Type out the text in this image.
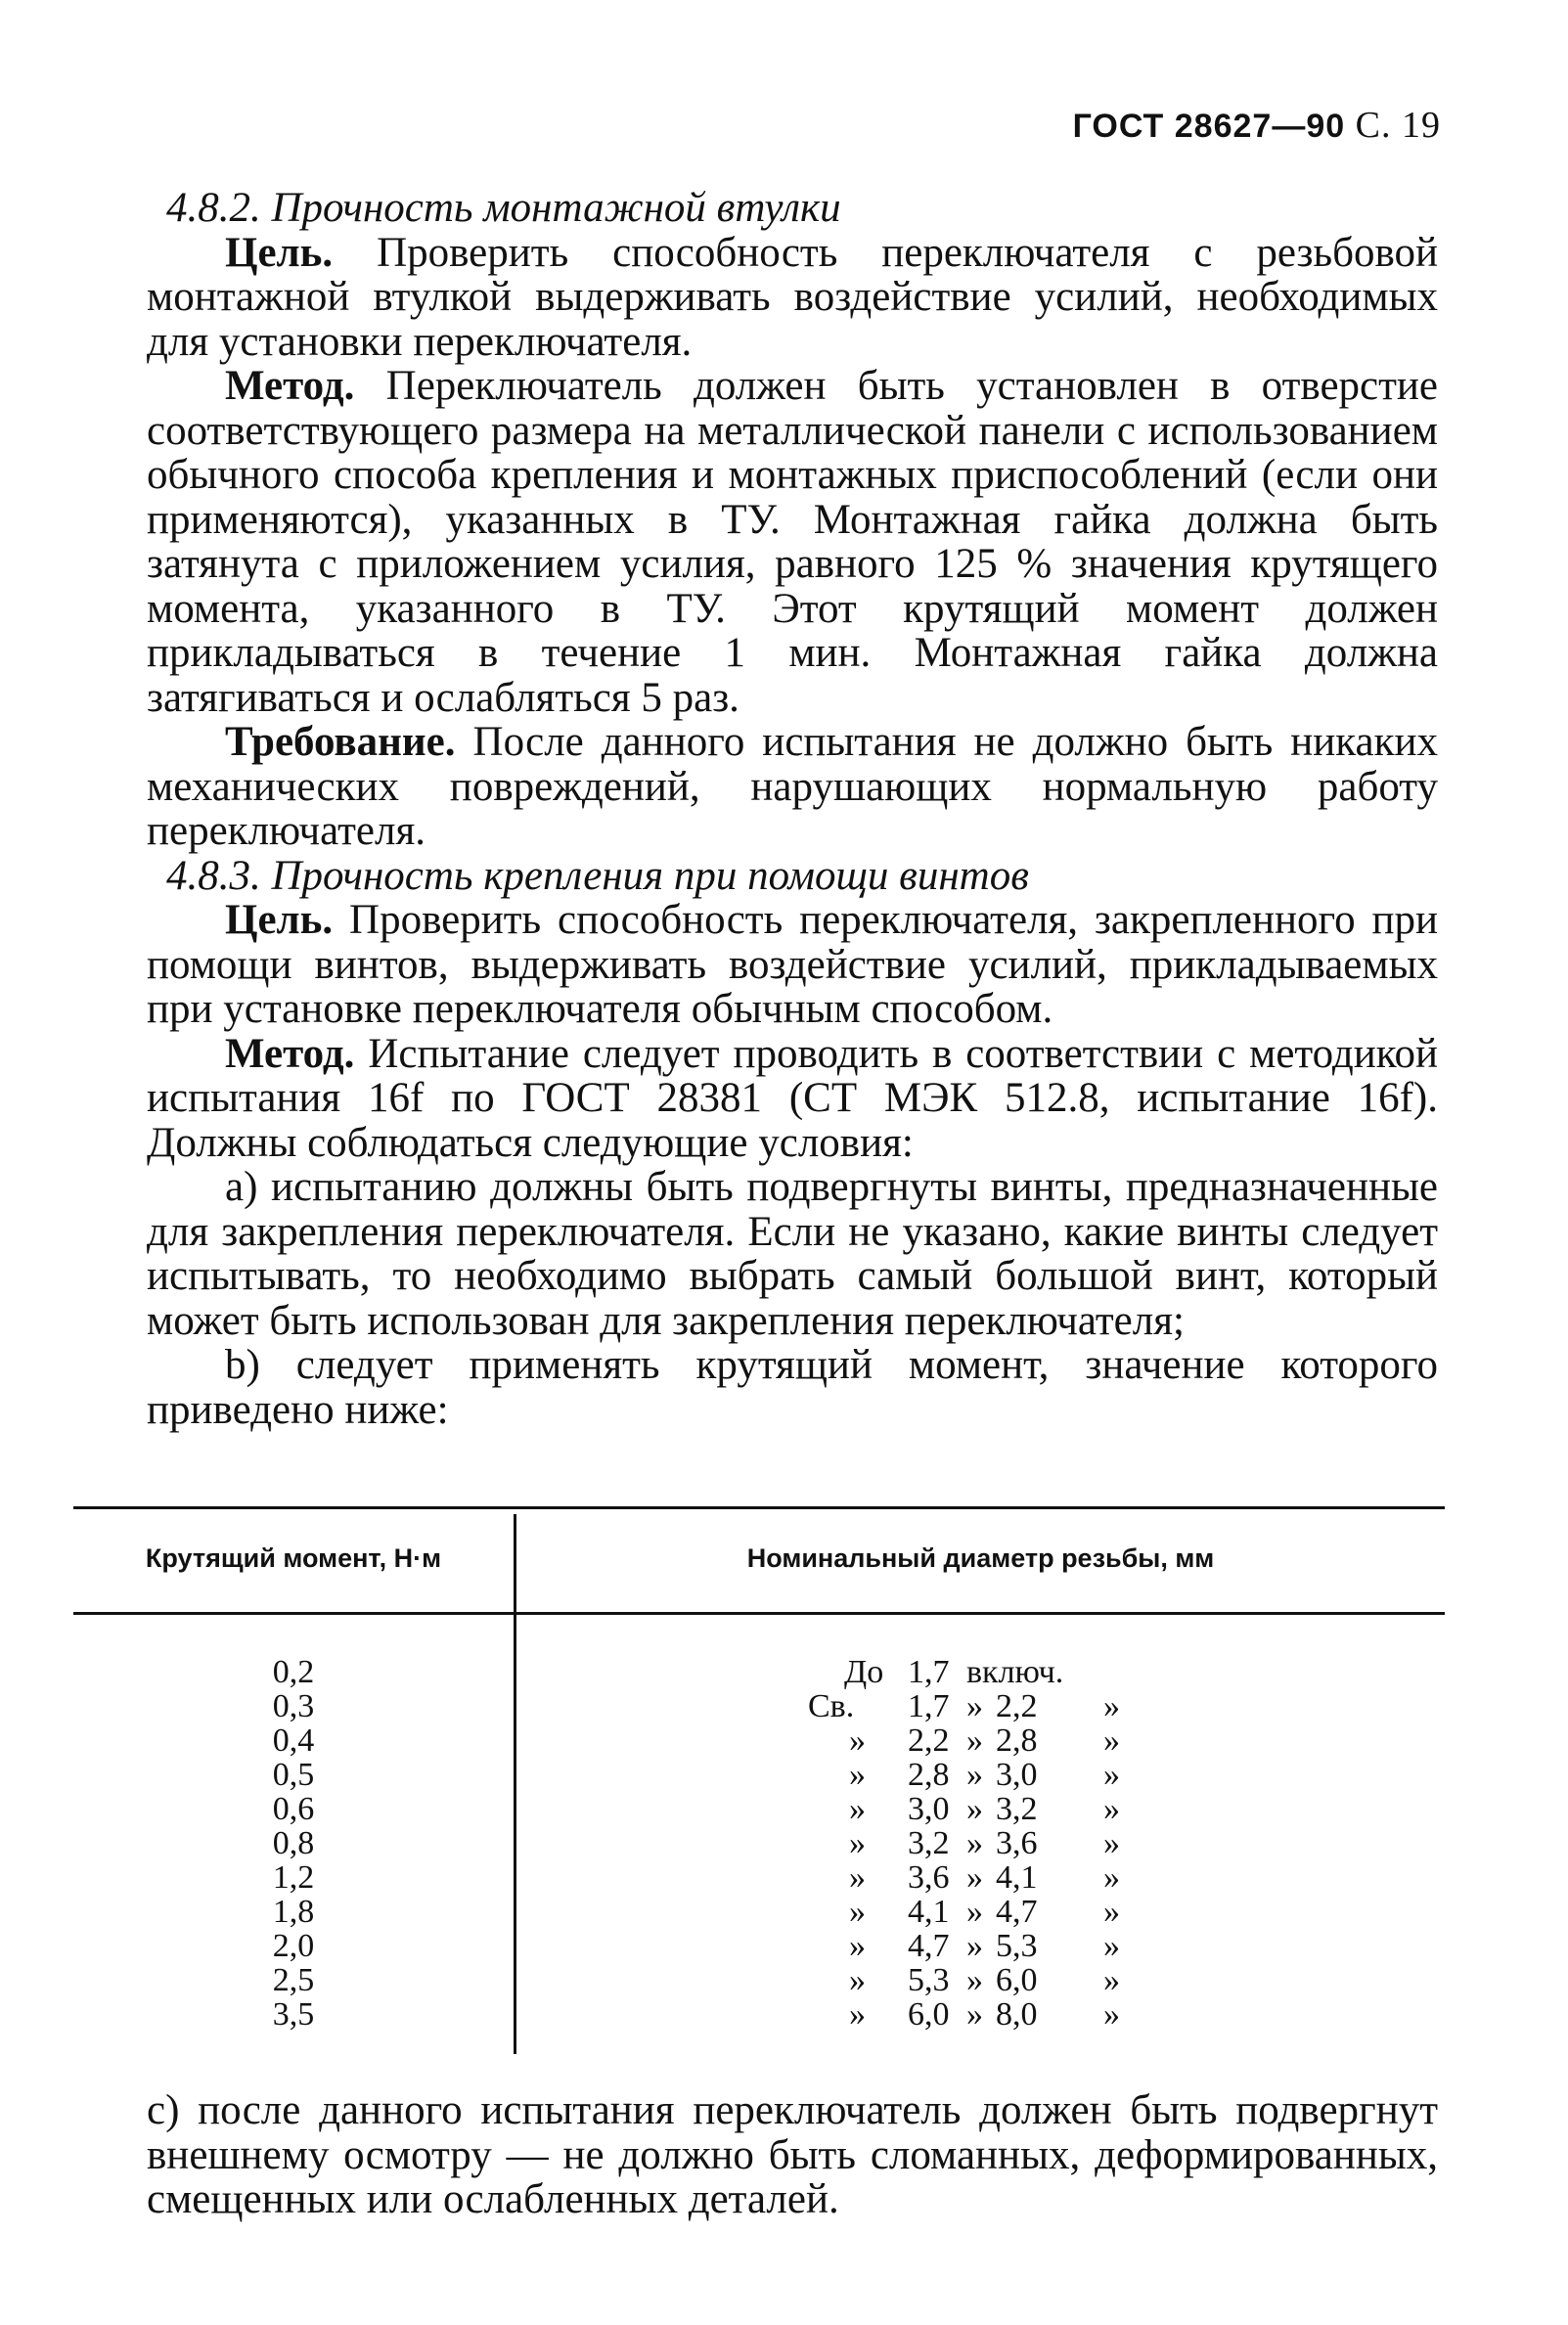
ГОСТ 28627—90 С. 19

4.8.2. Прочность монтажной втулки

Цель. Проверить способность переключателя с резьбовой монтажной втулкой выдерживать воздействие усилий, необходимых для установки переключателя.

Метод. Переключатель должен быть установлен в отверстие соответствующего размера на металлической панели с использованием обычного способа крепления и монтажных приспособлений (если они применяются), указанных в ТУ. Монтажная гайка должна быть затянута с приложением усилия, равного 125 % значения крутящего момента, указанного в ТУ. Этот крутящий момент должен прикладываться в течение 1 мин. Монтажная гайка должна затягиваться и ослабляться 5 раз.

Требование. После данного испытания не должно быть никаких механических повреждений, нарушающих нормальную работу переключателя.

4.8.3. Прочность крепления при помощи винтов

Цель. Проверить способность переключателя, закрепленного при помощи винтов, выдерживать воздействие усилий, прикладываемых при установке переключателя обычным способом.

Метод. Испытание следует проводить в соответствии с методикой испытания 16f по ГОСТ 28381 (СТ МЭК 512.8, испытание 16f). Должны соблюдаться следующие условия:

а) испытанию должны быть подвергнуты винты, предназначенные для закрепления переключателя. Если не указано, какие винты следует испытывать, то необходимо выбрать самый большой винт, который может быть использован для закрепления переключателя;

b) следует применять крутящий момент, значение которого приведено ниже:

Крутящий момент, Н·м	Номинальный диаметр резьбы, мм
0,2
0,3
0,4
0,5
0,6
0,8
1,2
1,8
2,0
2,5
3,5
До 1,7 включ.
Св. 1,7 » 2,2 »
» 2,2 » 2,8 »
» 2,8 » 3,0 »
» 3,0 » 3,2 »
» 3,2 » 3,6 »
» 3,6 » 4,1 »
» 4,1 » 4,7 »
» 4,7 » 5,3 »
» 5,3 » 6,0 »
» 6,0 » 8,0 »
с) после данного испытания переключатель должен быть подвергнут внешнему осмотру — не должно быть сломанных, деформированных, смещенных или ослабленных деталей.
